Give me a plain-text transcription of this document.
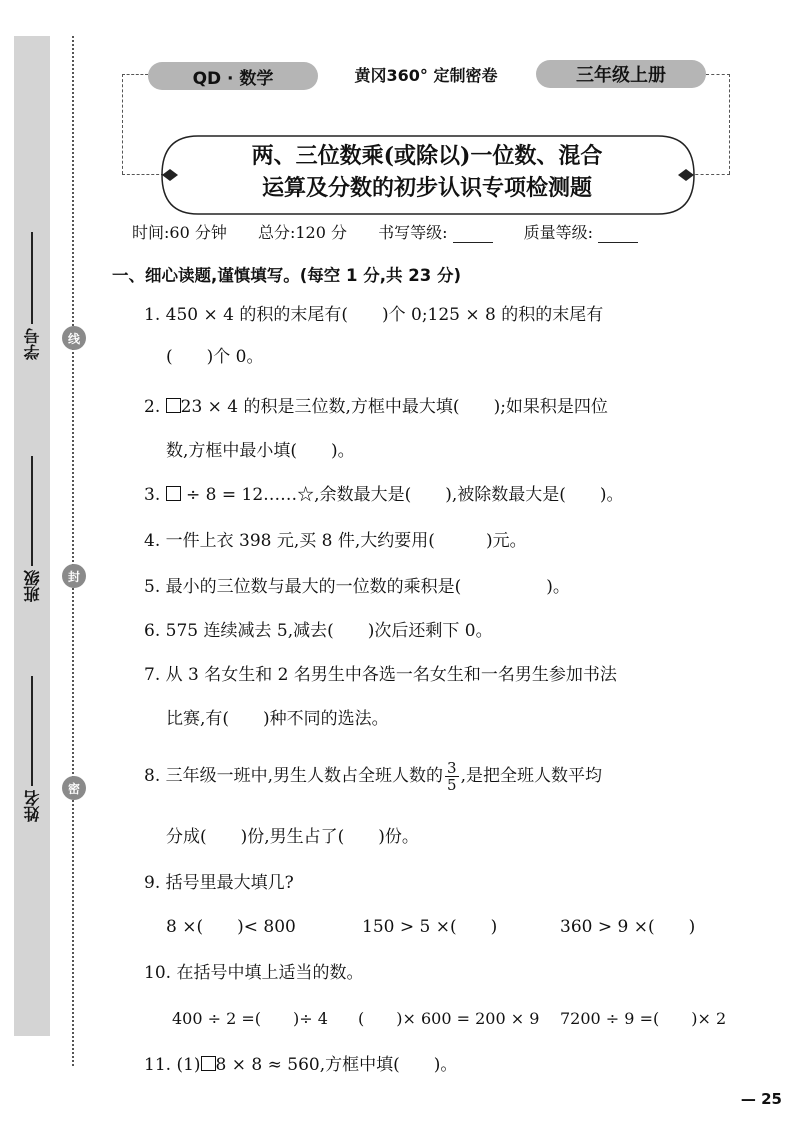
学号
班级
姓名
线
封
密
QD · 数学	黄冈360° 定制密卷	三年级上册
两、三位数乘(或除以)一位数、混合
运算及分数的初步认识专项检测题
时间:60 分钟 总分:120 分 书写等级:	质量等级:
一、细心读题,谨慎填写。(每空 1 分,共 23 分)
1. 450 × 4 的积的末尾有(　　)个 0;125 × 8 的积的末尾有
(　　)个 0。
2. 23 × 4 的积是三位数,方框中最大填(　　);如果积是四位
数,方框中最小填(　　)。
3.  ÷ 8 = 12……☆,余数最大是(　　),被除数最大是(　　)。
4. 一件上衣 398 元,买 8 件,大约要用(　　　)元。
5. 最小的三位数与最大的一位数的乘积是(　　　　　)。
6. 575 连续减去 5,减去(　　)次后还剩下 0。
7. 从 3 名女生和 2 名男生中各选一名女生和一名男生参加书法
比赛,有(　　)种不同的选法。
8. 三年级一班中,男生人数占全班人数的 $\frac{3}{5}$ ,是把全班人数平均
分成(　　)份,男生占了(　　)份。
9. 括号里最大填几?
8 ×(　　)< 800	150 > 5 ×(　　)	360 > 9 ×(　　)
10. 在括号中填上适当的数。
400 ÷ 2 =(　　)÷ 4 (　　)× 600 = 200 × 9 7200 ÷ 9 =(　　)× 2
11. (1) 8 × 8 ≈ 560,方框中填(　　)。
— 25
